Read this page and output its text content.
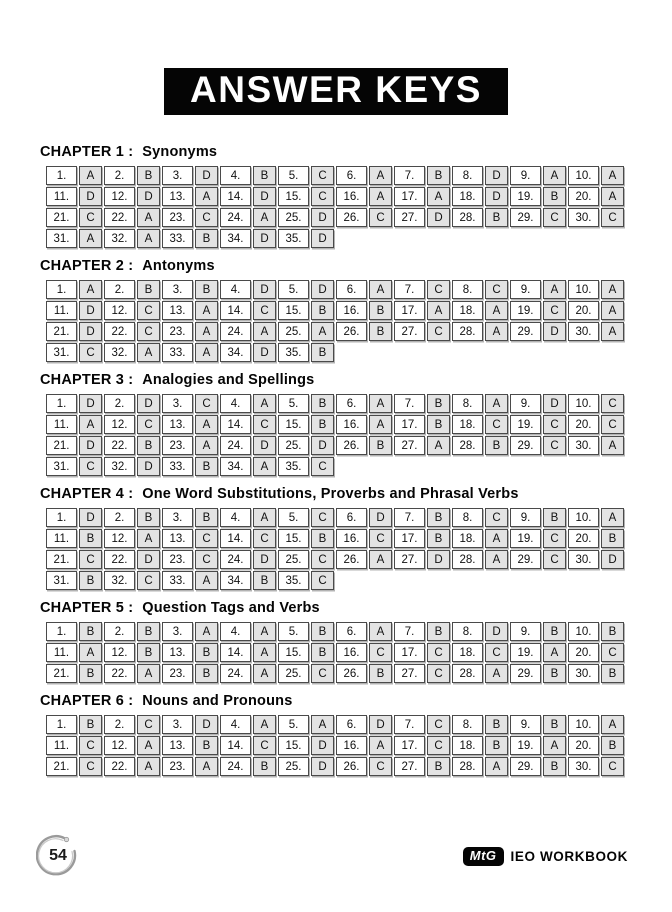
ANSWER KEYS
CHAPTER 1 : Synonyms
1.	A	2.	B	3.	D	4.	B	5.	C	6.	A	7.	B	8.	D	9.	A	10.	A
11.	D	12.	D	13.	A	14.	D	15.	C	16.	A	17.	A	18.	D	19.	B	20.	A
21.	C	22.	A	23.	C	24.	A	25.	D	26.	C	27.	D	28.	B	29.	C	30.	C
31.	A	32.	A	33.	B	34.	D	35.	D
CHAPTER 2 : Antonyms
1.	A	2.	B	3.	B	4.	D	5.	D	6.	A	7.	C	8.	C	9.	A	10.	A
11.	D	12.	C	13.	A	14.	C	15.	B	16.	B	17.	A	18.	A	19.	C	20.	A
21.	D	22.	C	23.	A	24.	A	25.	A	26.	B	27.	C	28.	A	29.	D	30.	A
31.	C	32.	A	33.	A	34.	D	35.	B
CHAPTER 3 : Analogies and Spellings
1.	D	2.	D	3.	C	4.	A	5.	B	6.	A	7.	B	8.	A	9.	D	10.	C
11.	A	12.	C	13.	A	14.	C	15.	B	16.	A	17.	B	18.	C	19.	C	20.	C
21.	D	22.	B	23.	A	24.	D	25.	D	26.	B	27.	A	28.	B	29.	C	30.	A
31.	C	32.	D	33.	B	34.	A	35.	C
CHAPTER 4 : One Word Substitutions, Proverbs and Phrasal Verbs
1.	D	2.	B	3.	B	4.	A	5.	C	6.	D	7.	B	8.	C	9.	B	10.	A
11.	B	12.	A	13.	C	14.	C	15.	B	16.	C	17.	B	18.	A	19.	C	20.	B
21.	C	22.	D	23.	C	24.	D	25.	C	26.	A	27.	D	28.	A	29.	C	30.	D
31.	B	32.	C	33.	A	34.	B	35.	C
CHAPTER 5 : Question Tags and Verbs
1.	B	2.	B	3.	A	4.	A	5.	B	6.	A	7.	B	8.	D	9.	B	10.	B
11.	A	12.	B	13.	B	14.	A	15.	B	16.	C	17.	C	18.	C	19.	A	20.	C
21.	B	22.	A	23.	B	24.	A	25.	C	26.	B	27.	C	28.	A	29.	B	30.	B
CHAPTER 6 : Nouns and Pronouns
1.	B	2.	C	3.	D	4.	A	5.	A	6.	D	7.	C	8.	B	9.	B	10.	A
11.	C	12.	A	13.	B	14.	C	15.	D	16.	A	17.	C	18.	B	19.	A	20.	B
21.	C	22.	A	23.	A	24.	B	25.	D	26.	C	27.	B	28.	A	29.	B	30.	C
54	MtG	IEO WORKBOOK
